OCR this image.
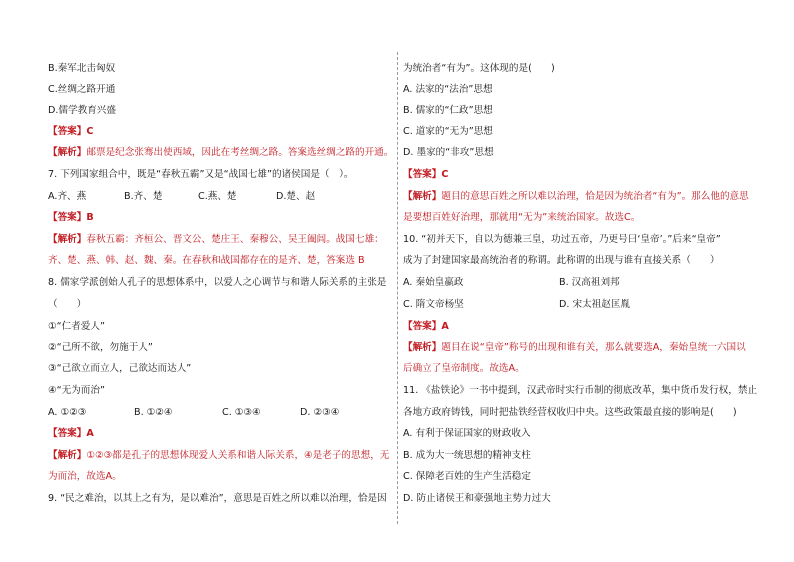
B.秦军北击匈奴
C.丝绸之路开通
D.儒学教育兴盛
【答案】C
【解析】邮票是纪念张骞出使西域，因此在考丝绸之路。答案选丝绸之路的开通。
7. 下列国家组合中，既是“春秋五霸”又是“战国七雄”的诸侯国是（　）。
A.齐、燕	B.齐、楚	C.燕、楚	D.楚、赵
【答案】B
【解析】春秋五霸：齐桓公、晋文公、楚庄王、秦穆公、吴王阖闾。战国七雄：
齐、楚、燕、韩、赵、魏、秦。在春秋和战国都存在的是齐、楚，答案选 B
8. 儒家学派创始人孔子的思想体系中，以爱人之心调节与和谐人际关系的主张是
（　　）
①“仁者爱人”
②“己所不欲，勿施于人”
③“己欲立而立人，己欲达而达人”
④“无为而治”
A. ①②③	B. ①②④	C. ①③④	D. ②③④
【答案】A
【解析】①②③都是孔子的思想体现爱人关系和谐人际关系，④是老子的思想，无
为而治，故选A。
9. “民之难治，以其上之有为，是以难治”，意思是百姓之所以难以治理，恰是因
为统治者“有为”。这体现的是(　　)
A. 法家的“法治”思想
B. 儒家的“仁政”思想
C. 道家的“无为”思想
D. 墨家的“非攻”思想
【答案】C
【解析】题目的意思百姓之所以难以治理，恰是因为统治者“有为”。那么他的意思
是要想百姓好治理，那就用“无为”来统治国家。故选C。
10. “初并天下，自以为德兼三皇，功过五帝，乃更号曰‘皇帝’。”后来“皇帝”
成为了封建国家最高统治者的称谓。此称谓的出现与谁有直接关系（　　）
A. 秦始皇嬴政	B. 汉高祖刘邦
C. 隋文帝杨坚	D. 宋太祖赵匡胤
【答案】A
【解析】题目在说“皇帝”称号的出现和谁有关，那么就要选A，秦始皇统一六国以
后确立了皇帝制度。故选A。
11. 《盐铁论》一书中提到，汉武帝时实行币制的彻底改革，集中货币发行权，禁止
各地方政府铸钱，同时把盐铁经营权收归中央。这些政策最直接的影响是(　　)
A. 有利于保证国家的财政收入
B. 成为大一统思想的精神支柱
C. 保障老百姓的生产生活稳定
D. 防止诸侯王和豪强地主势力过大
